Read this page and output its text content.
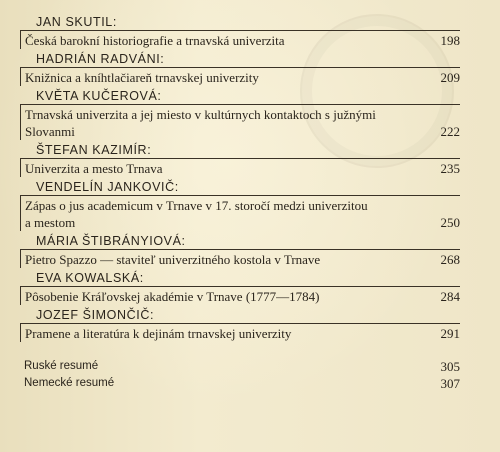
JAN SKUTIL:
Česká barokní historiografie a trnavská univerzita	198
HADRIÁN RADVÁNI:
Knižnica a kníhtlačiareň trnavskej univerzity	209
KVĚTA KUČEROVÁ:
Trnavská univerzita a jej miesto v kultúrnych kontaktoch s južnými
Slovanmi	222
ŠTEFAN KAZIMÍR:
Univerzita a mesto Trnava	235
VENDELÍN JANKOVIČ:
Zápas o jus academicum v Trnave v 17. storočí medzi univerzitou
a mestom	250
MÁRIA ŠTIBRÁNYIOVÁ:
Pietro Spazzo — staviteľ univerzitného kostola v Trnave	268
EVA KOWALSKÁ:
Pôsobenie Kráľovskej akadémie v Trnave (1777—1784)	284
JOZEF ŠIMONČIČ:
Pramene a literatúra k dejinám trnavskej univerzity	291
Ruské resumé	305
Nemecké resumé	307
